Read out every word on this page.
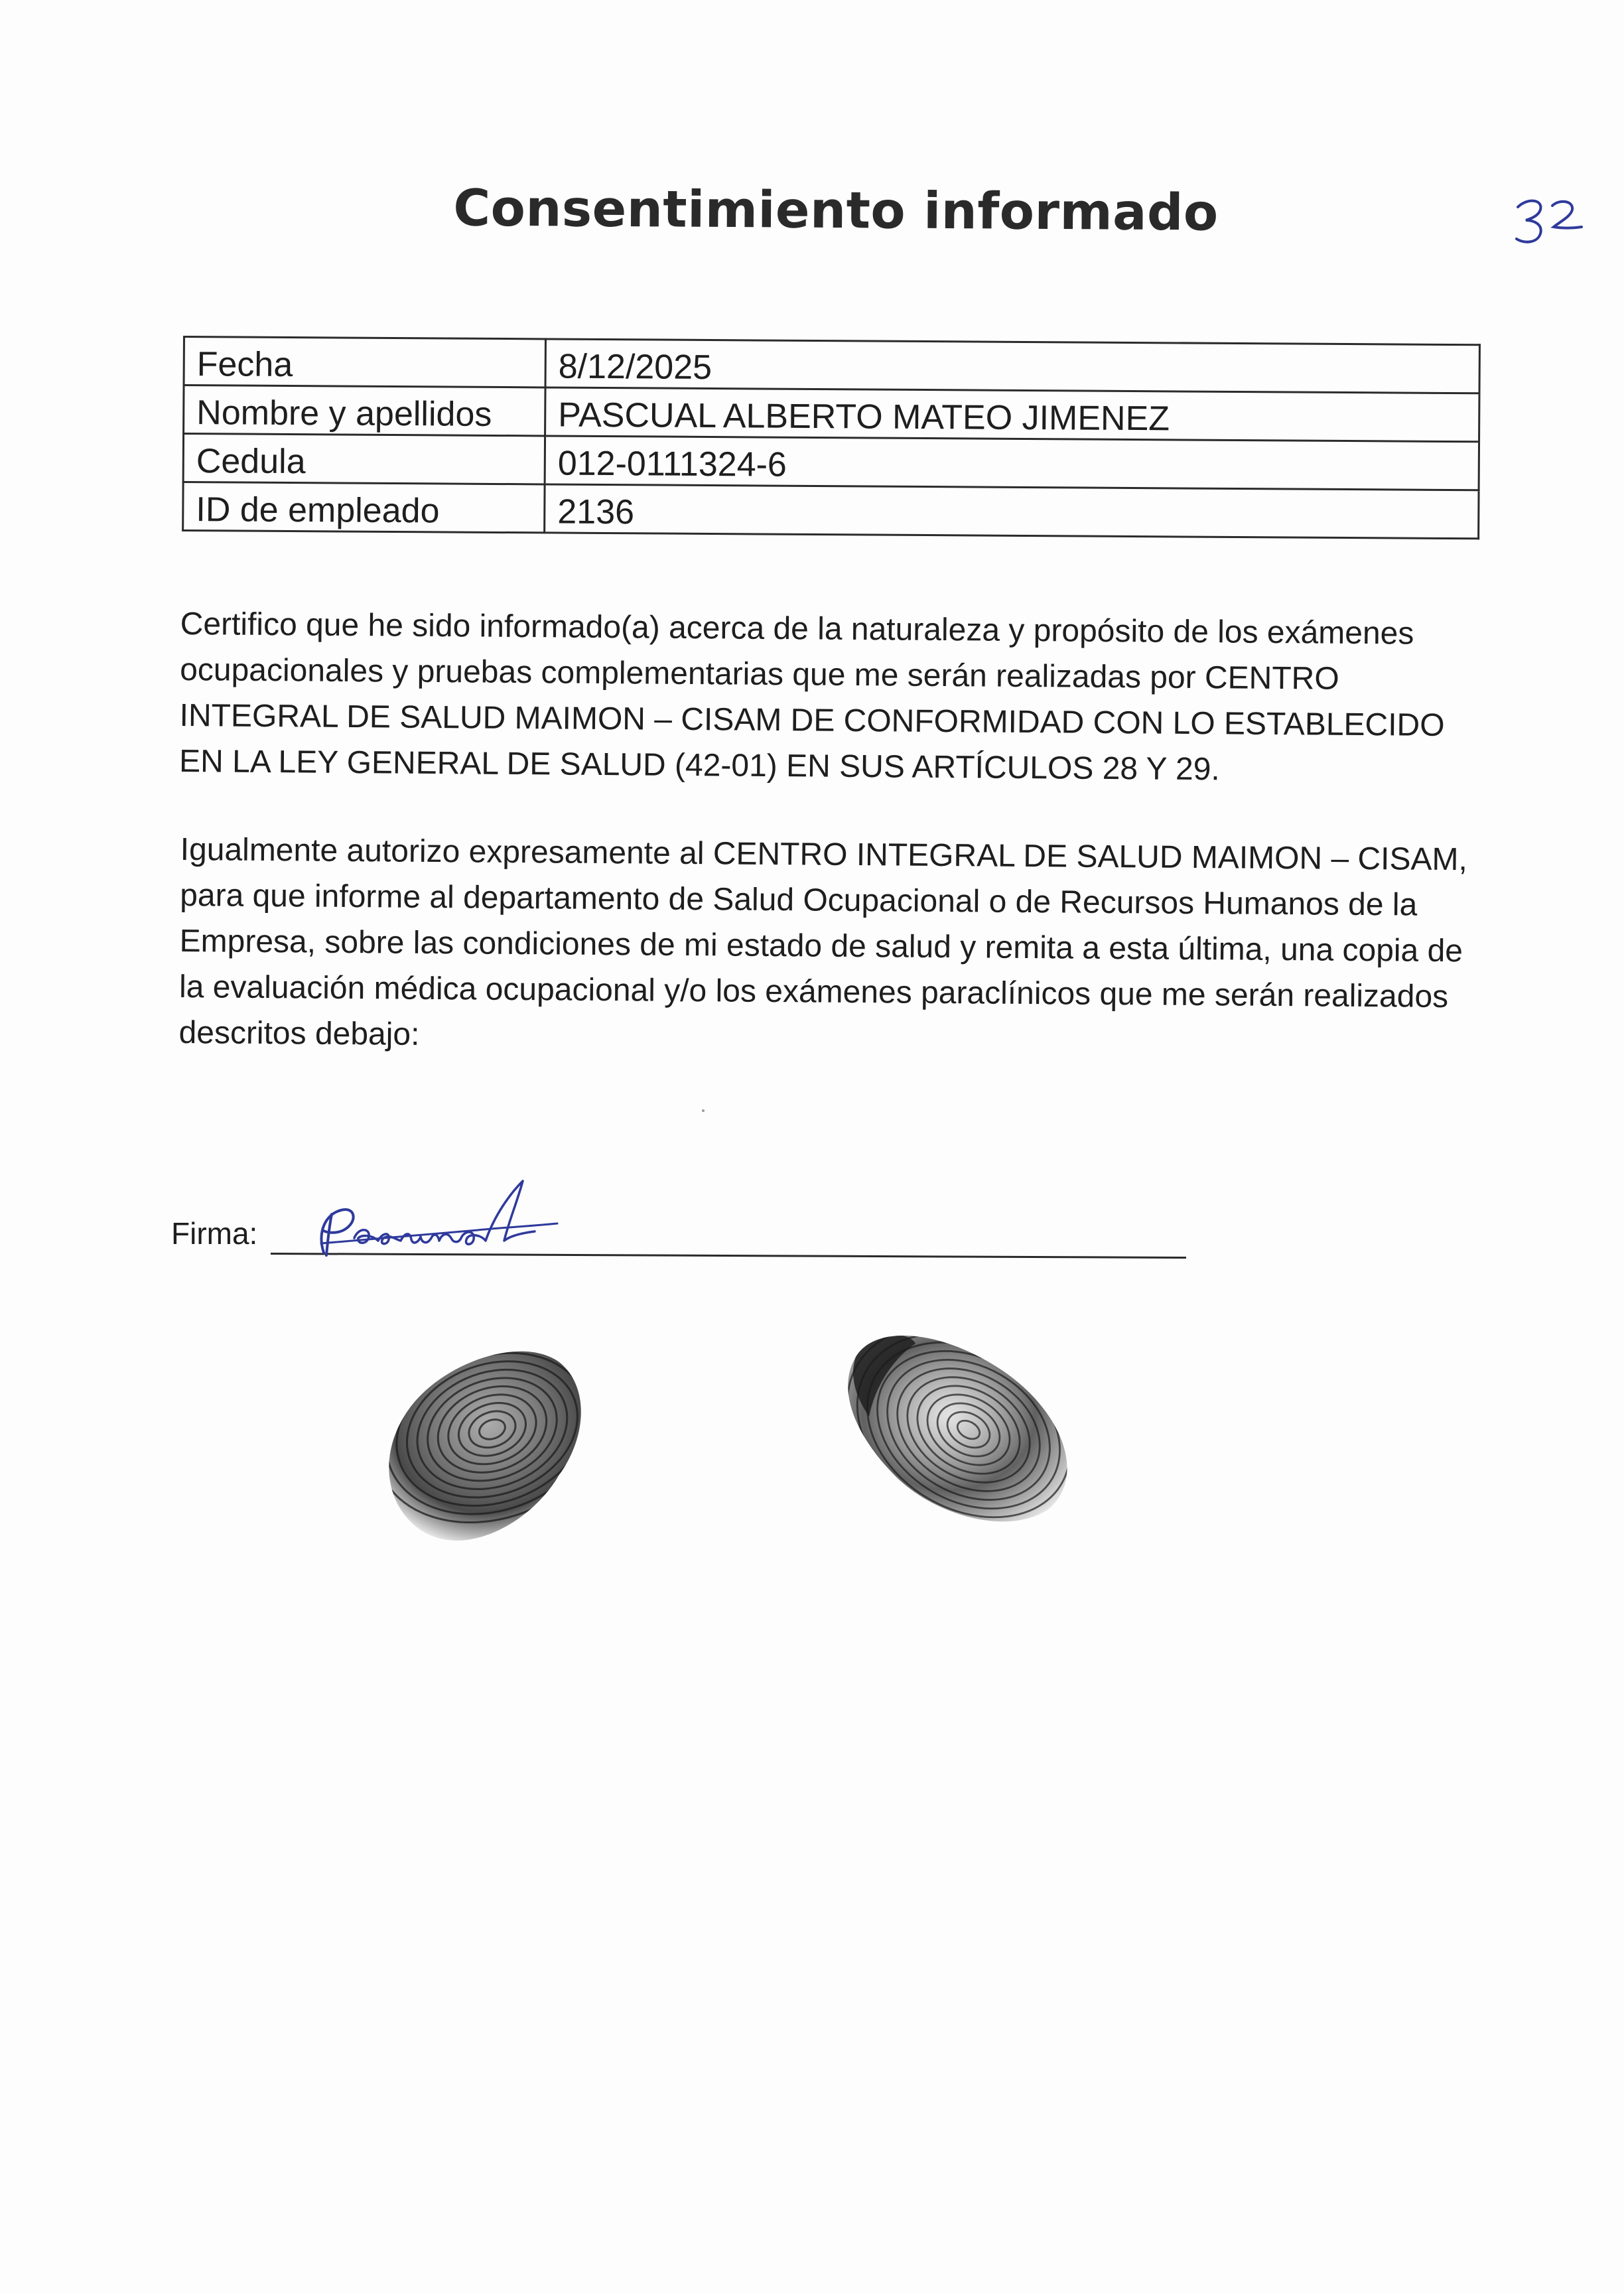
Consentimiento informado
Fecha	8/12/2025
Nombre y apellidos	PASCUAL ALBERTO MATEO JIMENEZ
Cedula	012-0111324-6
ID de empleado	2136

Certifico que he sido informado(a) acerca de la naturaleza y propósito de los exámenes ocupacionales y pruebas complementarias que me serán realizadas por CENTRO INTEGRAL DE SALUD MAIMON – CISAM DE CONFORMIDAD CON LO ESTABLECIDO EN LA LEY GENERAL DE SALUD (42-01) EN SUS ARTÍCULOS 28 Y 29.

Igualmente autorizo expresamente al CENTRO INTEGRAL DE SALUD MAIMON – CISAM, para que informe al departamento de Salud Ocupacional o de Recursos Humanos de la Empresa, sobre las condiciones de mi estado de salud y remita a esta última, una copia de la evaluación médica ocupacional y/o los exámenes paraclínicos que me serán realizados descritos debajo:

Firma:
